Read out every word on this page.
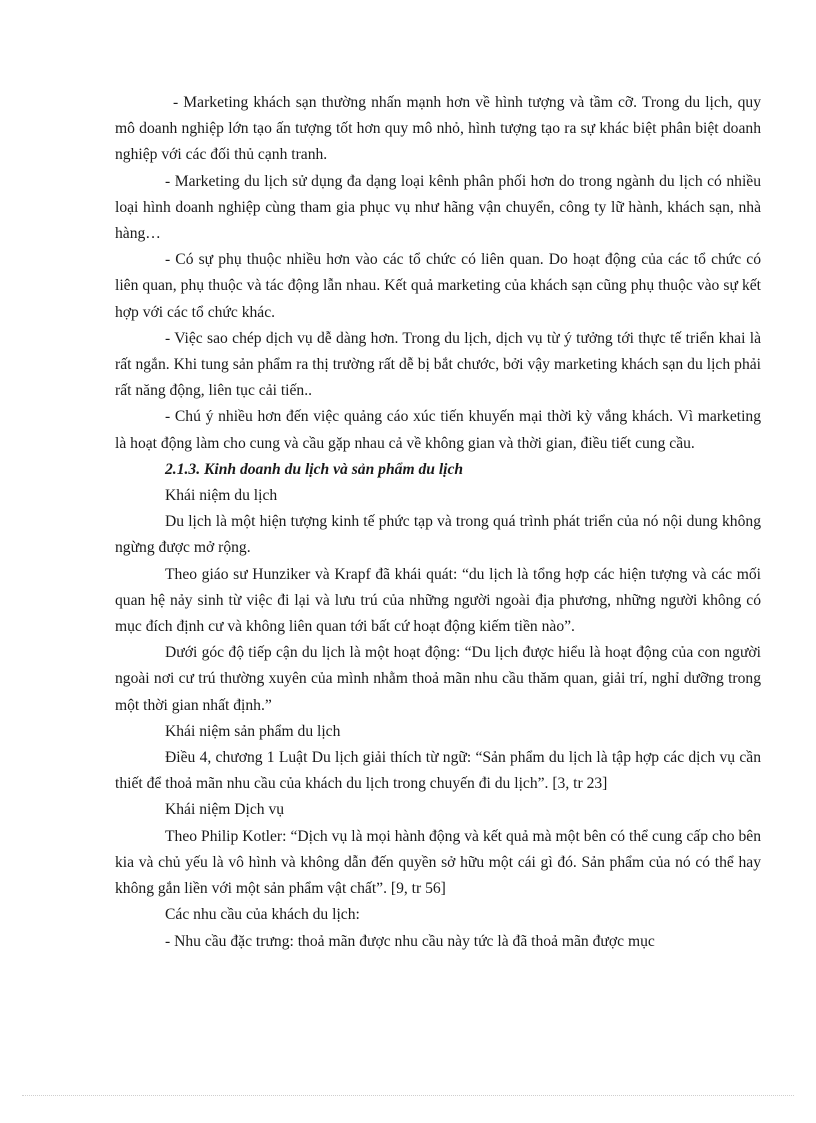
- Marketing khách sạn thường nhấn mạnh hơn về hình tượng và tầm cỡ. Trong du lịch, quy mô doanh nghiệp lớn tạo ấn tượng tốt hơn quy mô nhỏ, hình tượng tạo ra sự khác biệt phân biệt doanh nghiệp với các đối thủ cạnh tranh.

- Marketing du lịch sử dụng đa dạng loại kênh phân phối hơn do trong ngành du lịch có nhiều loại hình doanh nghiệp cùng tham gia phục vụ như hãng vận chuyển, công ty lữ hành, khách sạn, nhà hàng…

- Có sự phụ thuộc nhiều hơn vào các tổ chức có liên quan. Do hoạt động của các tổ chức có liên quan, phụ thuộc và tác động lẫn nhau. Kết quả marketing của khách sạn cũng phụ thuộc vào sự kết hợp với các tổ chức khác.

- Việc sao chép dịch vụ dễ dàng hơn. Trong du lịch, dịch vụ từ ý tưởng tới thực tế triển khai là rất ngắn. Khi tung sản phẩm ra thị trường rất dễ bị bắt chước, bởi vậy marketing khách sạn du lịch phải rất năng động, liên tục cải tiến..

- Chú ý nhiều hơn đến việc quảng cáo xúc tiến khuyến mại thời kỳ vắng khách. Vì marketing là hoạt động làm cho cung và cầu gặp nhau cả về không gian và thời gian, điều tiết cung cầu.

2.1.3. Kinh doanh du lịch và sản phẩm du lịch

Khái niệm du lịch

Du lịch là một hiện tượng kinh tế phức tạp và trong quá trình phát triển của nó nội dung không ngừng được mở rộng.

Theo giáo sư Hunziker và Krapf đã khái quát: “du lịch là tổng hợp các hiện tượng và các mối quan hệ nảy sinh từ việc đi lại và lưu trú của những người ngoài địa phương, những người không có mục đích định cư và không liên quan tới bất cứ hoạt động kiếm tiền nào”.

Dưới góc độ tiếp cận du lịch là một hoạt động: “Du lịch được hiểu là hoạt động của con người ngoài nơi cư trú thường xuyên của mình nhằm thoả mãn nhu cầu thăm quan, giải trí, nghỉ dưỡng trong một thời gian nhất định.”

Khái niệm sản phẩm du lịch

Điều 4, chương 1 Luật Du lịch giải thích từ ngữ: “Sản phẩm du lịch là tập hợp các dịch vụ cần thiết để thoả mãn nhu cầu của khách du lịch trong chuyến đi du lịch”. [3, tr 23]

Khái niệm Dịch vụ

Theo Philip Kotler: “Dịch vụ là mọi hành động và kết quả mà một bên có thể cung cấp cho bên kia và chủ yếu là vô hình và không dẫn đến quyền sở hữu một cái gì đó. Sản phẩm của nó có thể hay không gắn liền với một sản phẩm vật chất”. [9, tr 56]

Các nhu cầu của khách du lịch:

- Nhu cầu đặc trưng: thoả mãn được nhu cầu này tức là đã thoả mãn được mục
